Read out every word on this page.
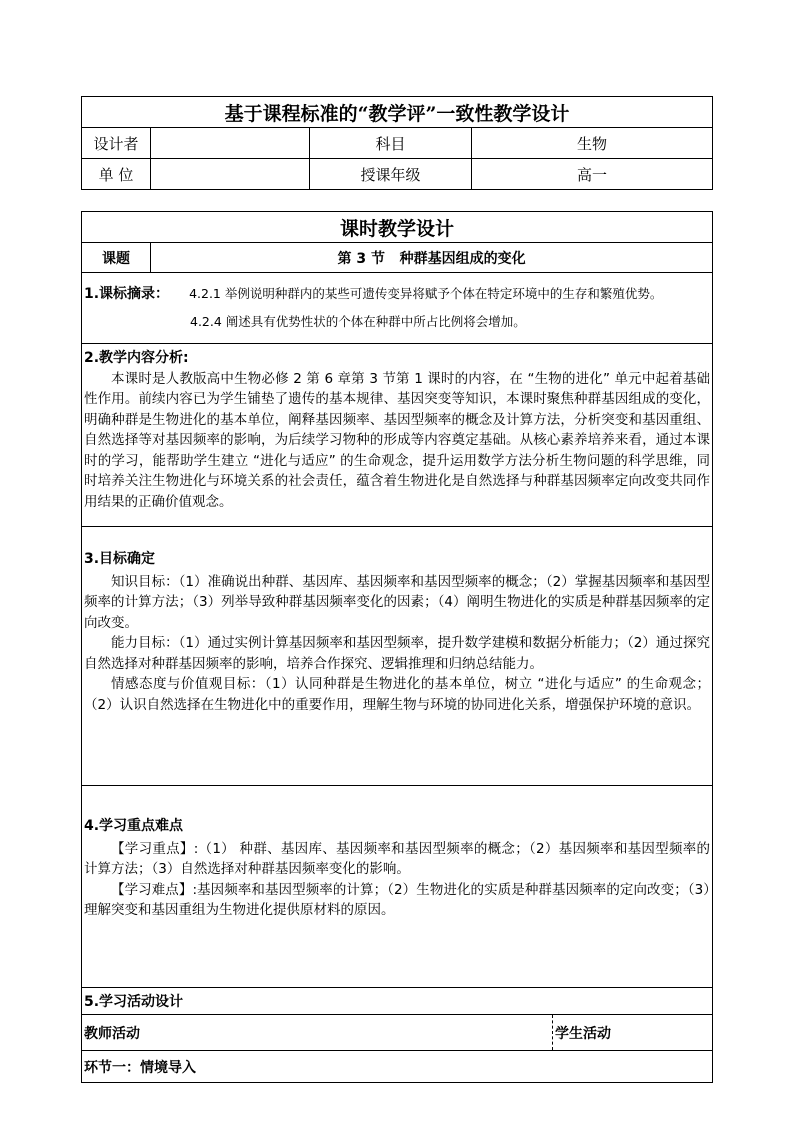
基于课程标准的“教学评”一致性教学设计			
设计者		科目	生物
单 位		授课年级	高一
课时教学设计		
课题	第 3 节   种群基因组成的变化	

1.课标摘录： 4.2.1 举例说明种群内的某些可遗传变异将赋予个体在特定环境中的生存和繁殖优势。

4.2.4 阐述具有优势性状的个体在种群中所占比例将会增加。		

2.教学内容分析:

本课时是人教版高中生物必修 2 第 6 章第 3 节第 1 课时的内容，在 “生物的进化” 单元中起着基础性作用。前续内容已为学生铺垫了遗传的基本规律、基因突变等知识，本课时聚焦种群基因组成的变化，明确种群是生物进化的基本单位，阐释基因频率、基因型频率的概念及计算方法，分析突变和基因重组、自然选择等对基因频率的影响，为后续学习物种的形成等内容奠定基础。从核心素养培养来看，通过本课时的学习，能帮助学生建立 “进化与适应” 的生命观念，提升运用数学方法分析生物问题的科学思维，同时培养关注生物进化与环境关系的社会责任，蕴含着生物进化是自然选择与种群基因频率定向改变共同作用结果的正确价值观念。		

3.目标确定

知识目标：（1）准确说出种群、基因库、基因频率和基因型频率的概念；（2）掌握基因频率和基因型频率的计算方法；（3）列举导致种群基因频率变化的因素；（4）阐明生物进化的实质是种群基因频率的定向改变。

能力目标：（1）通过实例计算基因频率和基因型频率，提升数学建模和数据分析能力；（2）通过探究自然选择对种群基因频率的影响，培养合作探究、逻辑推理和归纳总结能力。

情感态度与价值观目标：（1）认同种群是生物进化的基本单位，树立 “进化与适应” 的生命观念；（2）认识自然选择在生物进化中的重要作用，理解生物与环境的协同进化关系，增强保护环境的意识。		

4.学习重点难点

【学习重点】:（1） 种群、基因库、基因频率和基因型频率的概念；（2）基因频率和基因型频率的计算方法；（3）自然选择对种群基因频率变化的影响。

【学习难点】:基因频率和基因型频率的计算；（2）生物进化的实质是种群基因频率的定向改变；（3）理解突变和基因重组为生物进化提供原材料的原因。		

5.学习活动设计		
教师活动		学生活动
环节一：情境导入		
